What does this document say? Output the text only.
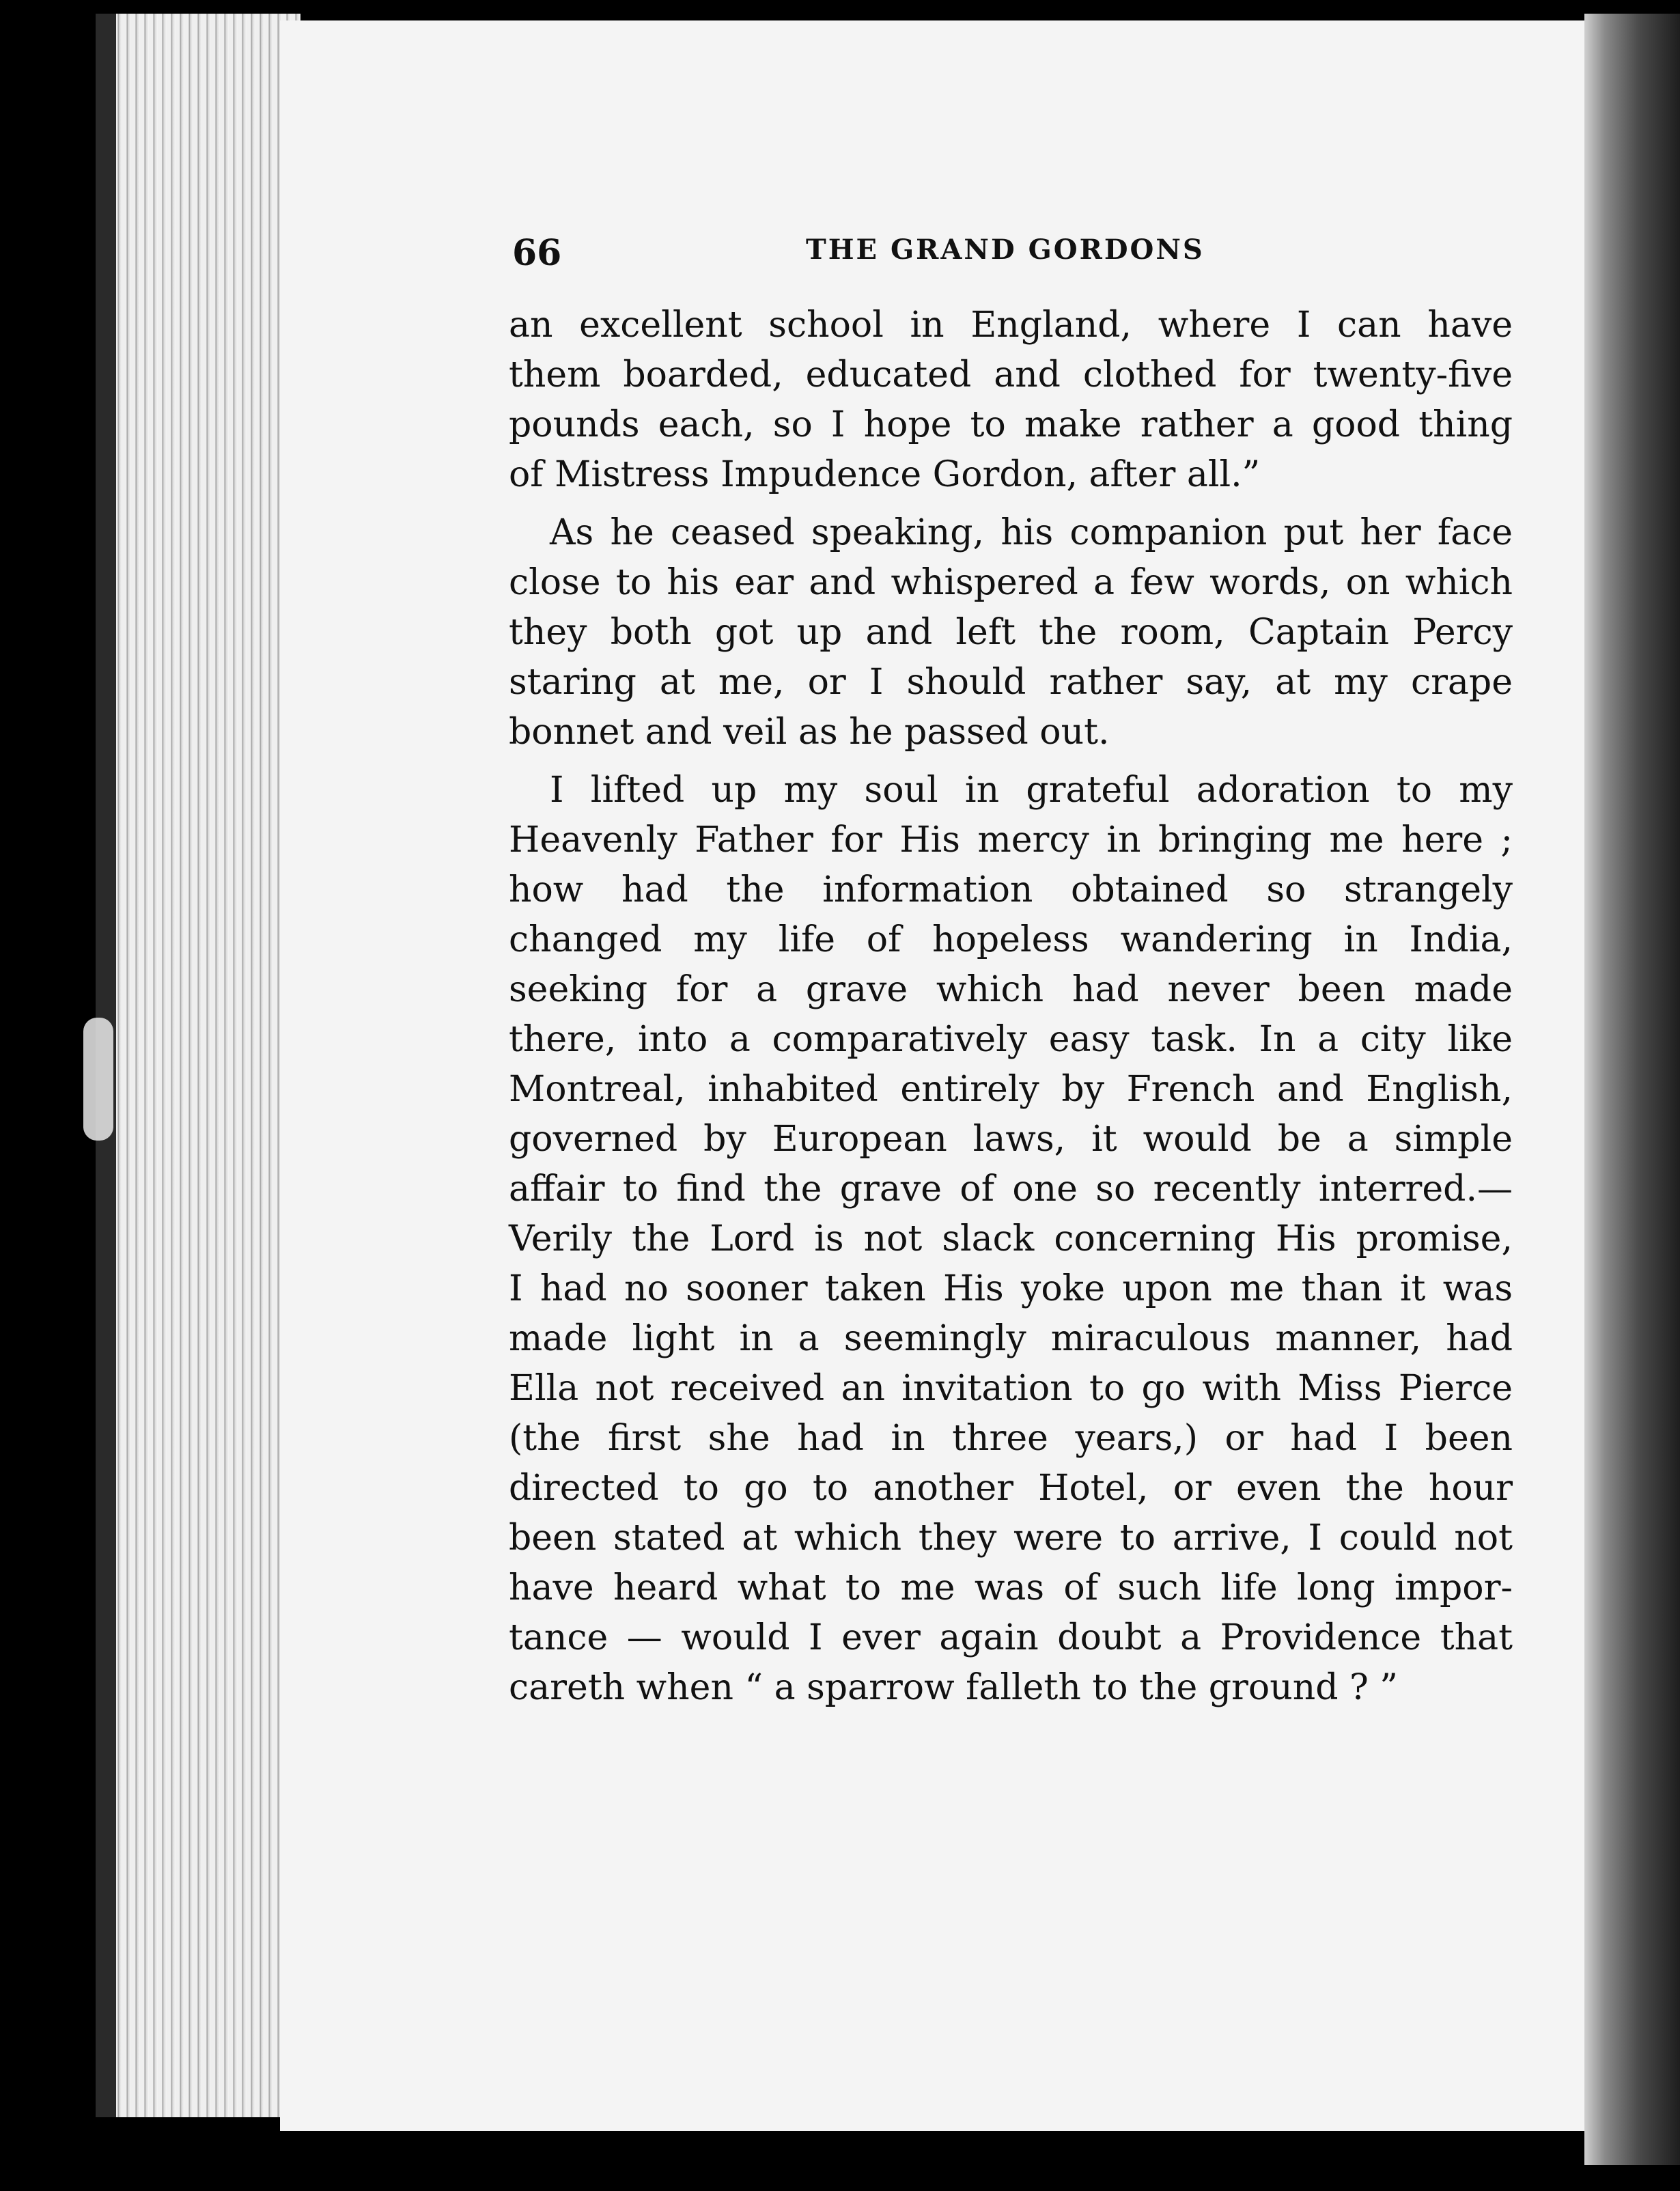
66	THE GRAND GORDONS
an excellent school in England, where I can have
them boarded, educated and clothed for twenty-five
pounds each, so I hope to make rather a good thing
of Mistress Impudence Gordon, after all.”
As he ceased speaking, his companion put her face
close to his ear and whispered a few words, on which
they both got up and left the room, Captain Percy
staring at me, or I should rather say, at my crape
bonnet and veil as he passed out.
I lifted up my soul in grateful adoration to my
Heavenly Father for His mercy in bringing me here ;
how had the information obtained so strangely
changed my life of hopeless wandering in India,
seeking for a grave which had never been made
there, into a comparatively easy task. In a city like
Montreal, inhabited entirely by French and English,
governed by European laws, it would be a simple
affair to find the grave of one so recently interred.—
Verily the Lord is not slack concerning His promise,
I had no sooner taken His yoke upon me than it was
made light in a seemingly miraculous manner, had
Ella not received an invitation to go with Miss Pierce
(the first she had in three years,) or had I been
directed to go to another Hotel, or even the hour
been stated at which they were to arrive, I could not
have heard what to me was of such life long impor-
tance — would I ever again doubt a Providence that
careth when “ a sparrow falleth to the ground ? ”
